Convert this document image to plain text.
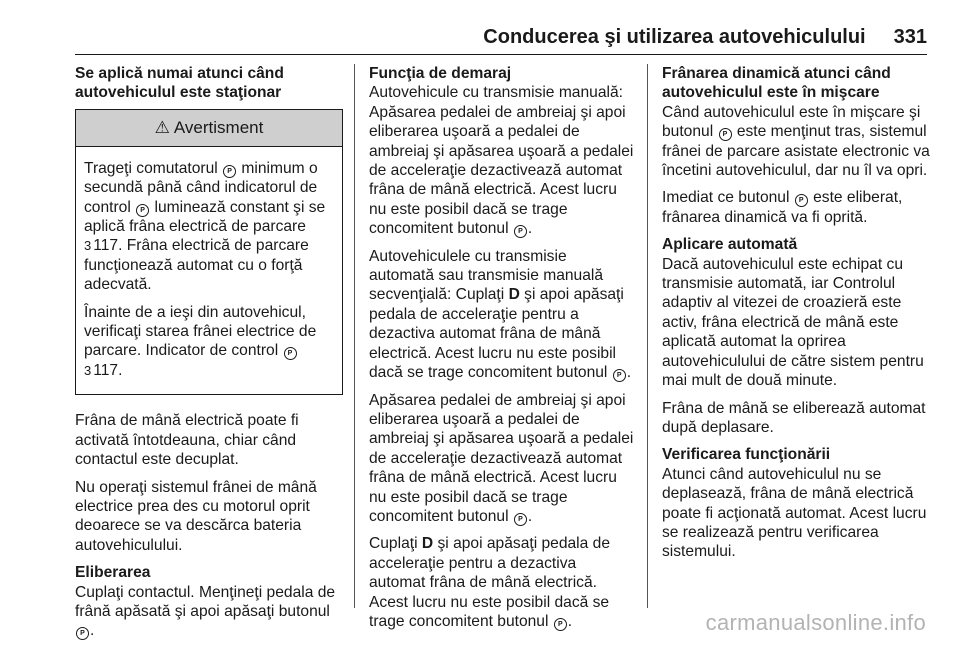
Conducerea şi utilizarea autovehiculului 331
Se aplică numai atunci când autovehiculul este staţionar
⚠ Avertisment

Trageţi comutatorul P minimum o secundă până când indicatorul de control P luminează constant şi se aplică frâna electrică de parcare 3 117. Frâna electrică de parcare funcţionează automat cu o forţă adecvată.

Înainte de a ieşi din autovehicul, verificaţi starea frânei electrice de parcare. Indicator de control P
3 117.

Frâna de mână electrică poate fi activată întotdeauna, chiar când contactul este decuplat.

Nu operaţi sistemul frânei de mână electrice prea des cu motorul oprit deoarece se va descărca bateria autovehiculului.

Eliberarea

Cuplaţi contactul. Menţineţi pedala de frână apăsată şi apoi apăsaţi butonul P .

Funcţia de demaraj

Autovehicule cu transmisie manuală: Apăsarea pedalei de ambreiaj şi apoi eliberarea uşoară a pedalei de ambreiaj şi apăsarea uşoară a pedalei de acceleraţie dezactivează automat frâna de mână electrică. Acest lucru nu este posibil dacă se trage concomitent butonul P .

Autovehiculele cu transmisie automată sau transmisie manuală secvenţială: Cuplaţi D şi apoi apăsaţi pedala de acceleraţie pentru a dezactiva automat frâna de mână electrică. Acest lucru nu este posibil dacă se trage concomitent butonul P .

Apăsarea pedalei de ambreiaj şi apoi eliberarea uşoară a pedalei de ambreiaj şi apăsarea uşoară a pedalei de acceleraţie dezactivează automat frâna de mână electrică. Acest lucru nu este posibil dacă se trage concomitent butonul P .

Cuplaţi D şi apoi apăsaţi pedala de acceleraţie pentru a dezactiva automat frâna de mână electrică. Acest lucru nu este posibil dacă se trage concomitent butonul P .

Frânarea dinamică atunci când autovehiculul este în mişcare

Când autovehiculul este în mişcare şi butonul P este menţinut tras, sistemul frânei de parcare asistate electronic va încetini autovehiculul, dar nu îl va opri.

Imediat ce butonul P este eliberat, frânarea dinamică va fi oprită.

Aplicare automată

Dacă autovehiculul este echipat cu transmisie automată, iar Controlul adaptiv al vitezei de croazieră este activ, frâna electrică de mână este aplicată automat la oprirea autovehiculului de către sistem pentru mai mult de două minute.

Frâna de mână se eliberează automat după deplasare.

Verificarea funcţionării

Atunci când autovehiculul nu se deplasează, frâna de mână electrică poate fi acţionată automat. Acest lucru se realizează pentru verificarea sistemului.

carmanualsonline.info
